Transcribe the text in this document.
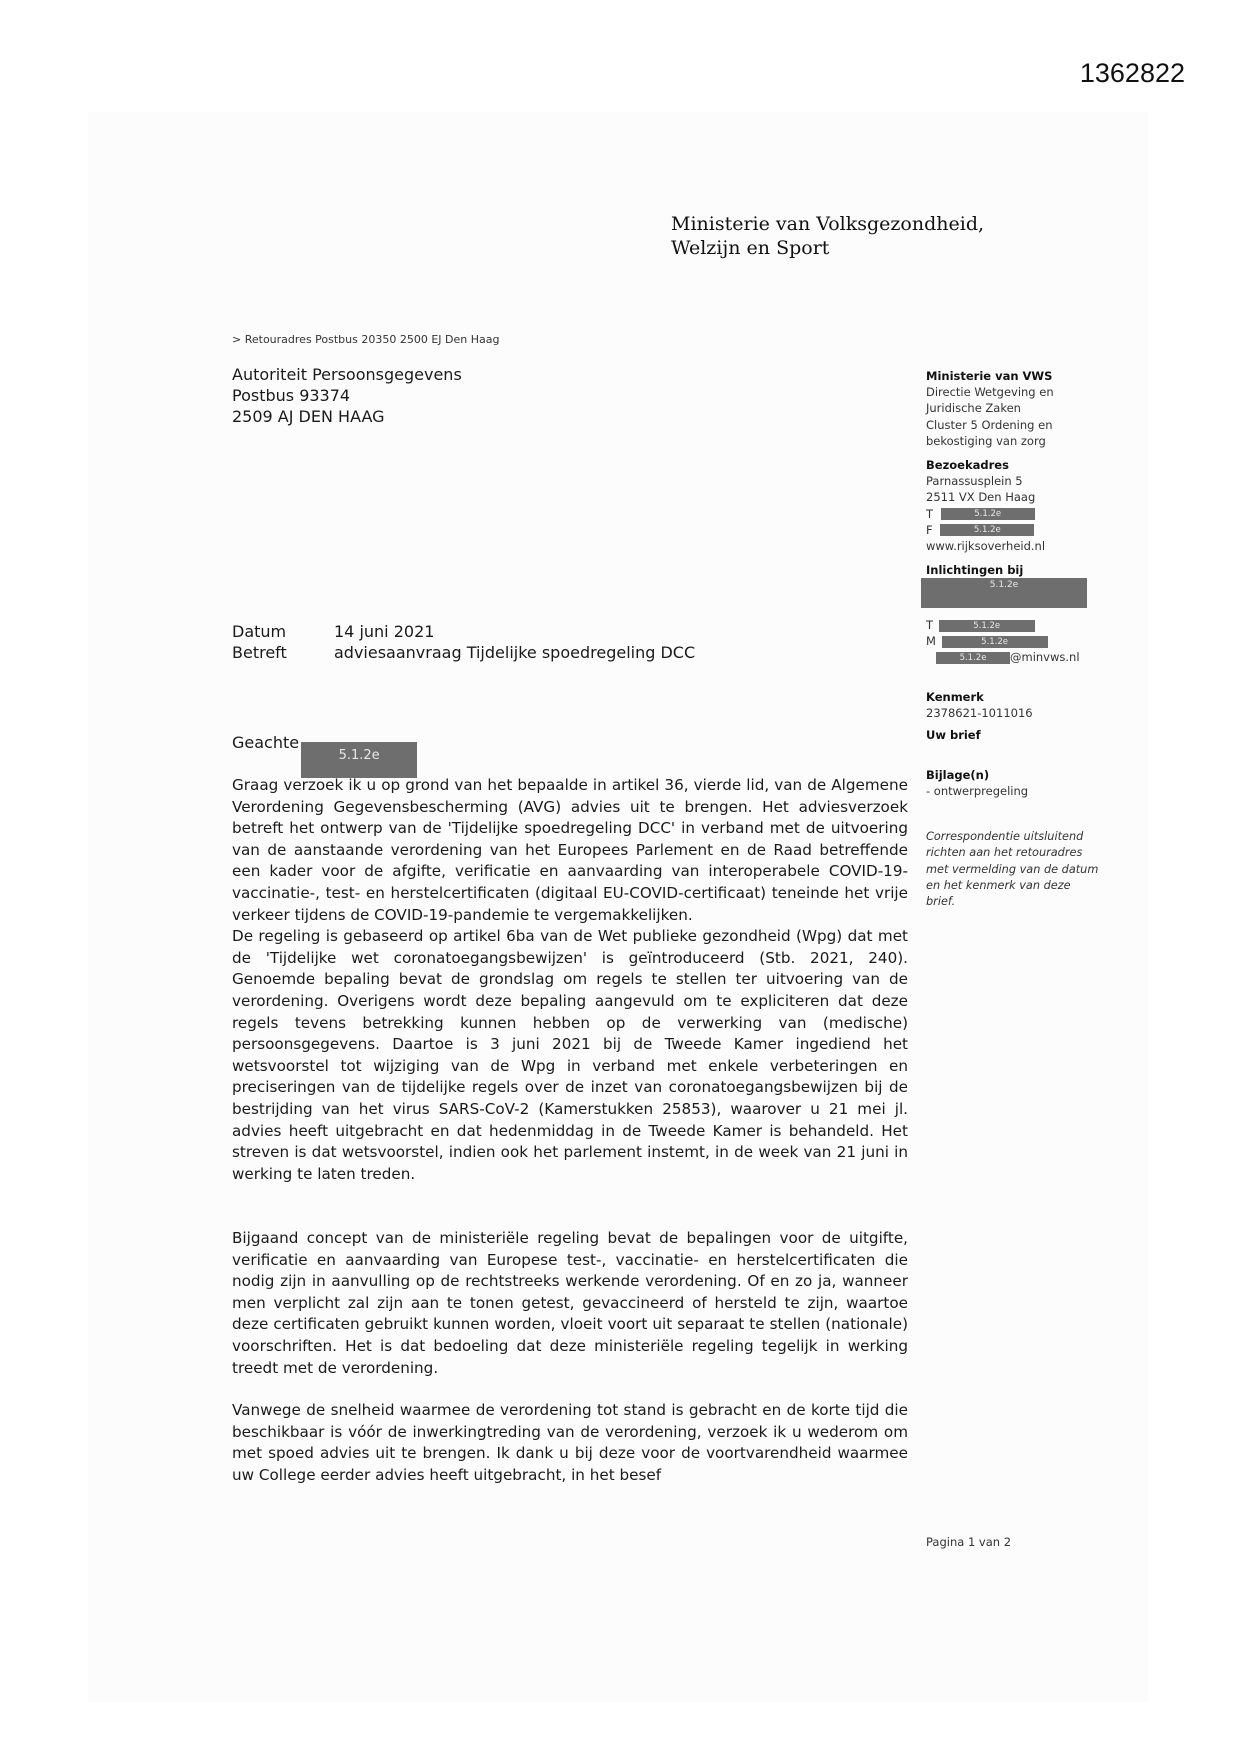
1362822
Ministerie van Volksgezondheid,
Welzijn en Sport
> Retouradres Postbus 20350 2500 EJ Den Haag
Autoriteit Persoonsgegevens
Postbus 93374
2509 AJ DEN HAAG
Ministerie van VWS
Directie Wetgeving en
Juridische Zaken
Cluster 5 Ordening en
bekostiging van zorg
Bezoekadres
Parnassusplein 5
2511 VX Den Haag
T	5.1.2e
F	5.1.2e
www.rijksoverheid.nl
Inlichtingen bij
5.1.2e
T	5.1.2e
M	5.1.2e
5.1.2e @minvws.nl
Kenmerk
2378621-1011016
Uw brief
Bijlage(n)
- ontwerpregeling
Correspondentie uitsluitend richten aan het retouradres met vermelding van de datum en het kenmerk van deze brief.
Datum	14 juni 2021
Betreft	adviesaanvraag Tijdelijke spoedregeling DCC
Geachte5.1.2e

Graag verzoek ik u op grond van het bepaalde in artikel 36, vierde lid, van de Algemene Verordening Gegevensbescherming (AVG) advies uit te brengen. Het adviesverzoek betreft het ontwerp van de 'Tijdelijke spoedregeling DCC' in verband met de uitvoering van de aanstaande verordening van het Europees Parlement en de Raad betreffende een kader voor de afgifte, verificatie en aanvaarding van interoperabele COVID-19-vaccinatie-, test- en herstelcertificaten (digitaal EU-COVID-certificaat) teneinde het vrije verkeer tijdens de COVID-19-pandemie te vergemakkelijken.

De regeling is gebaseerd op artikel 6ba van de Wet publieke gezondheid (Wpg) dat met de 'Tijdelijke wet coronatoegangsbewijzen' is geïntroduceerd (Stb. 2021, 240). Genoemde bepaling bevat de grondslag om regels te stellen ter uitvoering van de verordening. Overigens wordt deze bepaling aangevuld om te expliciteren dat deze regels tevens betrekking kunnen hebben op de verwerking van (medische) persoonsgegevens. Daartoe is 3 juni 2021 bij de Tweede Kamer ingediend het wetsvoorstel tot wijziging van de Wpg in verband met enkele verbeteringen en preciseringen van de tijdelijke regels over de inzet van coronatoegangsbewijzen bij de bestrijding van het virus SARS-CoV-2 (Kamerstukken 25853), waarover u 21 mei jl. advies heeft uitgebracht en dat hedenmiddag in de Tweede Kamer is behandeld. Het streven is dat wetsvoorstel, indien ook het parlement instemt, in de week van 21 juni in werking te laten treden.

Bijgaand concept van de ministeriële regeling bevat de bepalingen voor de uitgifte, verificatie en aanvaarding van Europese test-, vaccinatie- en herstelcertificaten die nodig zijn in aanvulling op de rechtstreeks werkende verordening. Of en zo ja, wanneer men verplicht zal zijn aan te tonen getest, gevaccineerd of hersteld te zijn, waartoe deze certificaten gebruikt kunnen worden, vloeit voort uit separaat te stellen (nationale) voorschriften. Het is dat bedoeling dat deze ministeriële regeling tegelijk in werking treedt met de verordening.

Vanwege de snelheid waarmee de verordening tot stand is gebracht en de korte tijd die beschikbaar is vóór de inwerkingtreding van de verordening, verzoek ik u wederom om met spoed advies uit te brengen. Ik dank u bij deze voor de voortvarendheid waarmee uw College eerder advies heeft uitgebracht, in het besef

Pagina 1 van 2
